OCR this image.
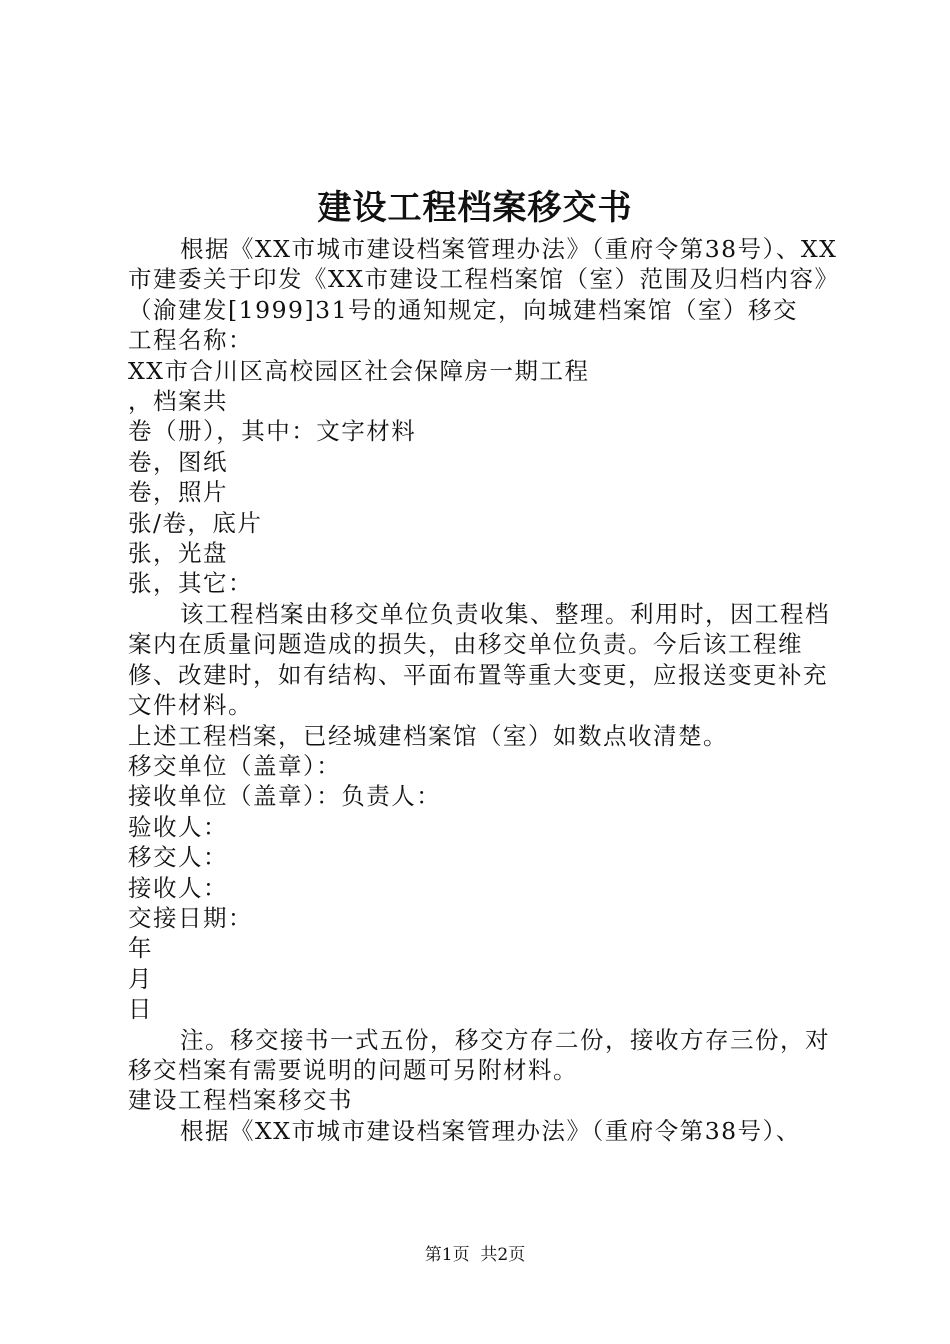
建设工程档案移交书

根据《XX市城市建设档案管理办法》（重府令第38号）、XX市建委关于印发《XX市建设工程档案馆（室）范围及归档内容》（渝建发[1999]31号的通知规定，向城建档案馆（室）移交

工程名称：

XX市合川区高校园区社会保障房一期工程

，档案共

卷（册），其中：文字材料

卷，图纸

卷，照片

张/卷，底片

张，光盘

张，其它：

该工程档案由移交单位负责收集、整理。利用时，因工程档案内在质量问题造成的损失，由移交单位负责。今后该工程维修、改建时，如有结构、平面布置等重大变更，应报送变更补充文件材料。

上述工程档案，已经城建档案馆（室）如数点收清楚。

移交单位（盖章）：

接收单位（盖章）：负责人：

验收人：

移交人：

接收人：

交接日期：

年

月

日

注。移交接书一式五份，移交方存二份，接收方存三份，对移交档案有需要说明的问题可另附材料。

建设工程档案移交书

根据《XX市城市建设档案管理办法》（重府令第38号）、

第1页  共2页
